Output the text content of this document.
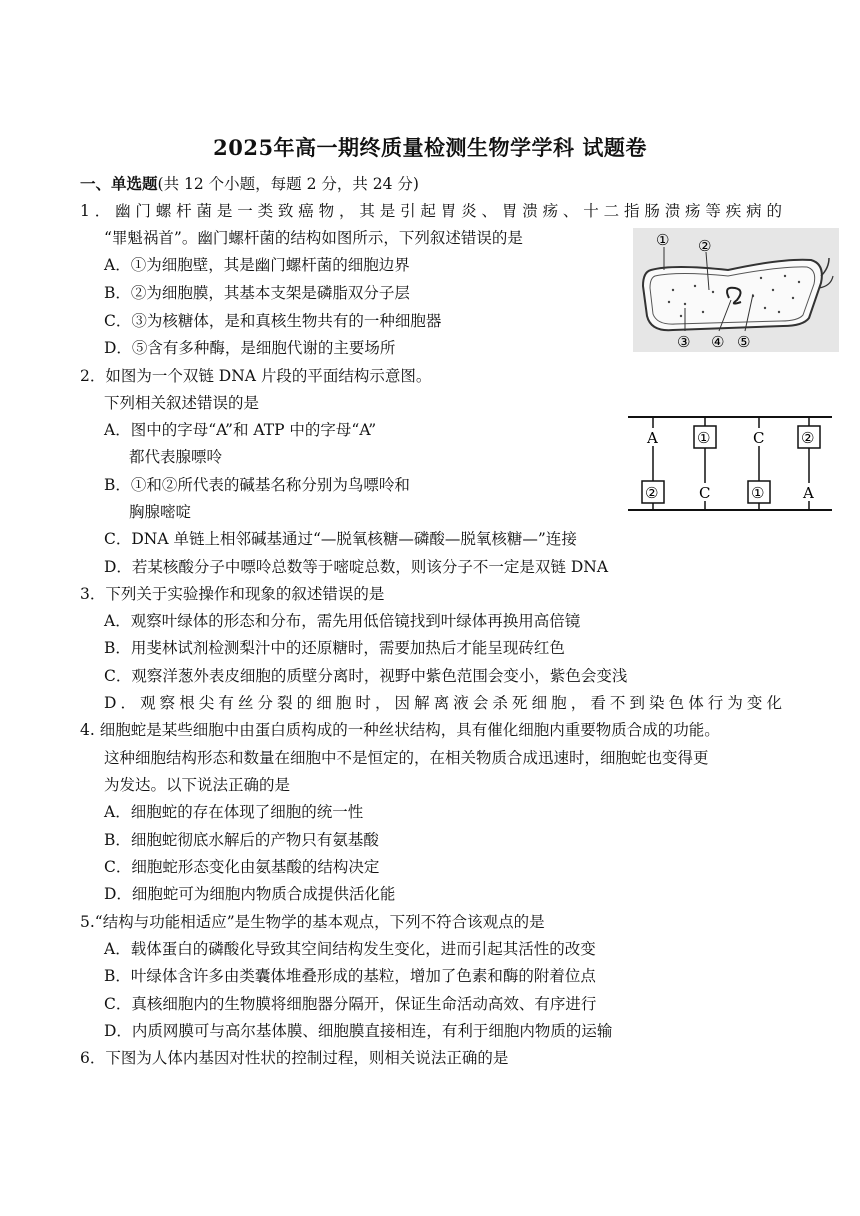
2025年高一期终质量检测生物学学科 试题卷
一、单选题(共 12 个小题，每题 2 分，共 24 分)
1．幽门螺杆菌是一类致癌物，其是引起胃炎、胃溃疡、十二指肠溃疡等疾病的
“罪魁祸首”。幽门螺杆菌的结构如图所示，下列叙述错误的是
A．①为细胞壁，其是幽门螺杆菌的细胞边界
B．②为细胞膜，其基本支架是磷脂双分子层
C．③为核糖体，是和真核生物共有的一种细胞器
D．⑤含有多种酶，是细胞代谢的主要场所
① ②
③ ④ ⑤
2．如图为一个双链 DNA 片段的平面结构示意图。
下列相关叙述错误的是
A．图中的字母“A”和 ATP 中的字母“A”
都代表腺嘌呤
B．①和②所代表的碱基名称分别为鸟嘌呤和
胸腺嘧啶
C．DNA 单链上相邻碱基通过“—脱氧核糖—磷酸—脱氧核糖—”连接
D．若某核酸分子中嘌呤总数等于嘧啶总数，则该分子不一定是双链 DNA
A	①	C ②
②	C	①	A
3．下列关于实验操作和现象的叙述错误的是
A．观察叶绿体的形态和分布，需先用低倍镜找到叶绿体再换用高倍镜
B．用斐林试剂检测梨汁中的还原糖时，需要加热后才能呈现砖红色
C．观察洋葱外表皮细胞的质壁分离时，视野中紫色范围会变小，紫色会变浅
D．观察根尖有丝分裂的细胞时，因解离液会杀死细胞，看不到染色体行为变化
4. 细胞蛇是某些细胞中由蛋白质构成的一种丝状结构，具有催化细胞内重要物质合成的功能。
这种细胞结构形态和数量在细胞中不是恒定的，在相关物质合成迅速时，细胞蛇也变得更
为发达。以下说法正确的是
A．细胞蛇的存在体现了细胞的统一性
B．细胞蛇彻底水解后的产物只有氨基酸
C．细胞蛇形态变化由氨基酸的结构决定
D．细胞蛇可为细胞内物质合成提供活化能
5.“结构与功能相适应”是生物学的基本观点，下列不符合该观点的是
A．载体蛋白的磷酸化导致其空间结构发生变化，进而引起其活性的改变
B．叶绿体含许多由类囊体堆叠形成的基粒，增加了色素和酶的附着位点
C．真核细胞内的生物膜将细胞器分隔开，保证生命活动高效、有序进行
D．内质网膜可与高尔基体膜、细胞膜直接相连，有利于细胞内物质的运输
6．下图为人体内基因对性状的控制过程，则相关说法正确的是
